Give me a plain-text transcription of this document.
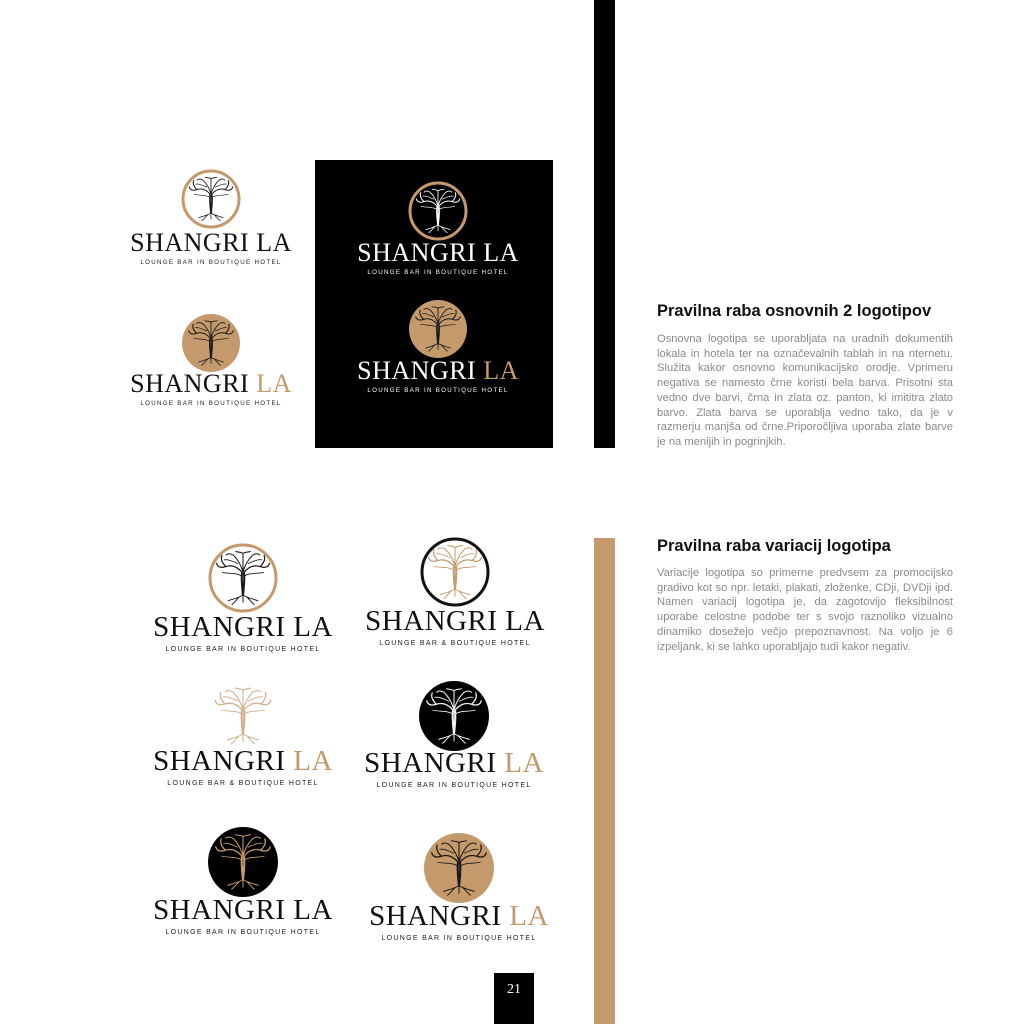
SHANGRI LA
LOUNGE BAR IN BOUTIQUE HOTEL
SHANGRI LA
LOUNGE BAR IN BOUTIQUE HOTEL
SHANGRI LA
LOUNGE BAR IN BOUTIQUE HOTEL
SHANGRI LA
LOUNGE BAR IN BOUTIQUE HOTEL
SHANGRI LA
LOUNGE BAR IN BOUTIQUE HOTEL
SHANGRI LA
LOUNGE BAR & BOUTIQUE HOTEL
SHANGRI LA
LOUNGE BAR & BOUTIQUE HOTEL
SHANGRI LA
LOUNGE BAR IN BOUTIQUE HOTEL
SHANGRI LA
LOUNGE BAR IN BOUTIQUE HOTEL
SHANGRI LA
LOUNGE BAR IN BOUTIQUE HOTEL
Pravilna raba osnovnih 2 logotipov
Osnovna logotipa se uporabljata na uradnih dokumentih lokala in hotela ter na označevalnih tablah in na nternetu. Služita kakor osnovno komunikacijsko orodje. Vprimeru negativa se namesto črne koristi bela barva. Prisotni sta vedno dve barvi, črna in zlata oz. panton, ki imititra zlato barvo. Zlata barva se uporablja vedno tako, da je v razmerju manjša od črne.Priporočljiva uporaba zlate barve je na menijih in pogrinjkih.
Pravilna raba variacij logotipa
Variacije logotipa so primerne predvsem za promocijsko gradivo kot so npr. letaki, plakati, zloženke, CDji, DVDji ipd. Namen variacij logotipa je, da zagotovijo fleksibilnost uporabe celostne podobe ter s svojo raznoliko vizualno dinamiko dosežejo večjo prepoznavnost. Na voljo je 6 izpeljank, ki se lahko uporabljajo tudi kakor negativ.
21
